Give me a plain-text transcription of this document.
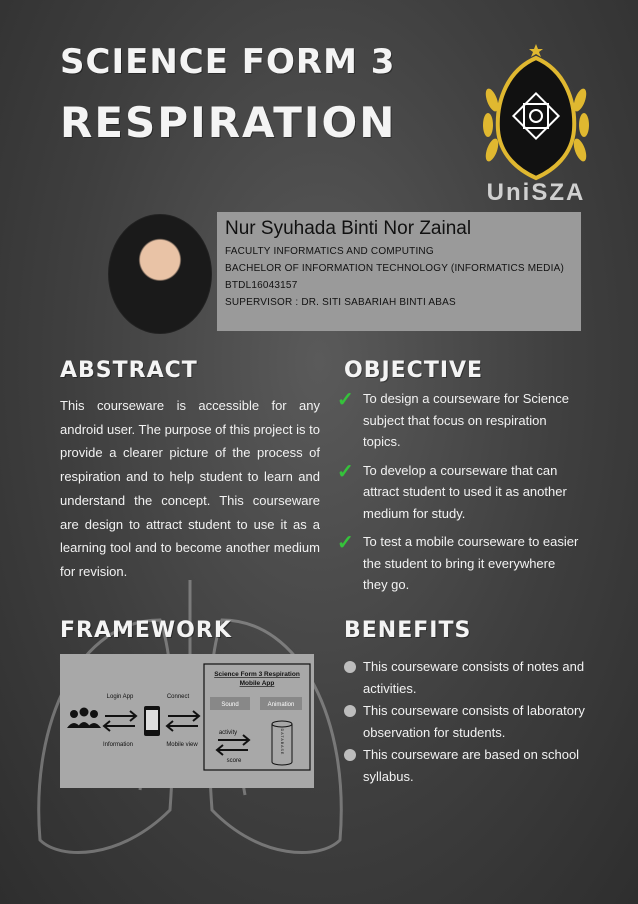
SCIENCE FORM 3
RESPIRATION
UniSZA
Nur Syuhada Binti Nor Zainal
FACULTY INFORMATICS AND COMPUTING
BACHELOR OF INFORMATION TECHNOLOGY (INFORMATICS MEDIA)
BTDL16043157
SUPERVISOR : DR. SITI SABARIAH BINTI ABAS
ABSTRACT	OBJECTIVE
FRAMEWORK	BENEFITS
This courseware is accessible for any android user. The purpose of this project is to provide a clearer picture of the process of respiration and to help student to learn and understand the concept. This courseware are design to attract student to use it as a learning tool and to become another medium for revision.
✓ To design a courseware for Science subject that focus on respiration topics.
✓ To develop a courseware that can attract student to used it as another medium for study.
✓ To test a mobile courseware to easier the student to bring it everywhere they go.
This courseware consists of notes and activities.
This courseware consists of laboratory observation for students.
This courseware are based on school syllabus.
Login App
Information
Connect
Mobile view
Science Form 3 Respiration
Mobile App
Sound	Animation
activity
score
DATABASE
